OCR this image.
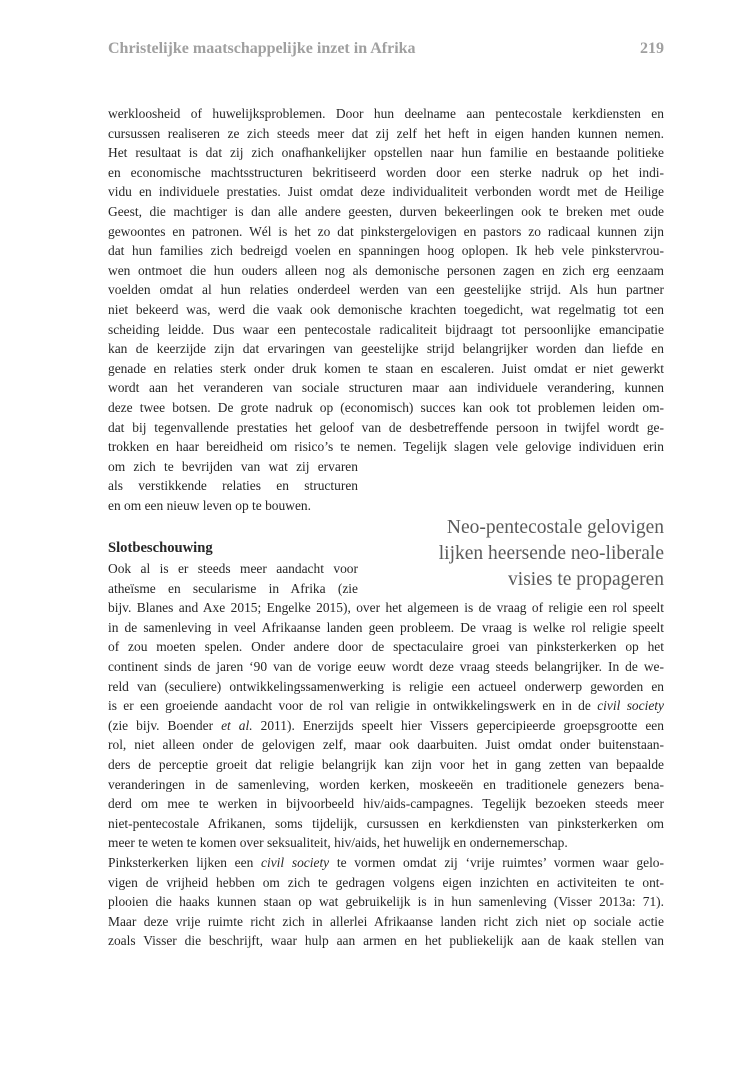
Christelijke maatschappelijke inzet in Afrika	219
werkloosheid of huwelijksproblemen. Door hun deelname aan pentecostale kerkdiensten en
cursussen realiseren ze zich steeds meer dat zij zelf het heft in eigen handen kunnen nemen.
Het resultaat is dat zij zich onafhankelijker opstellen naar hun familie en bestaande politieke
en economische machtsstructuren bekritiseerd worden door een sterke nadruk op het indi-
vidu en individuele prestaties. Juist omdat deze individualiteit verbonden wordt met de Heilige
Geest, die machtiger is dan alle andere geesten, durven bekeerlingen ook te breken met oude
gewoontes en patronen. Wél is het zo dat pinkstergelovigen en pastors zo radicaal kunnen zijn
dat hun families zich bedreigd voelen en spanningen hoog oplopen. Ik heb vele pinkstervrou-
wen ontmoet die hun ouders alleen nog als demonische personen zagen en zich erg eenzaam
voelden omdat al hun relaties onderdeel werden van een geestelijke strijd. Als hun partner
niet bekeerd was, werd die vaak ook demonische krachten toegedicht, wat regelmatig tot een
scheiding leidde. Dus waar een pentecostale radicaliteit bijdraagt tot persoonlijke emancipatie
kan de keerzijde zijn dat ervaringen van geestelijke strijd belangrijker worden dan liefde en
genade en relaties sterk onder druk komen te staan en escaleren. Juist omdat er niet gewerkt
wordt aan het veranderen van sociale structuren maar aan individuele verandering, kunnen
deze twee botsen. De grote nadruk op (economisch) succes kan ook tot problemen leiden om-
dat bij tegenvallende prestaties het geloof van de desbetreffende persoon in twijfel wordt ge-
trokken en haar bereidheid om risico’s te nemen. Tegelijk slagen vele gelovige individuen erin
om zich te bevrijden van wat zij ervaren
als verstikkende relaties en structuren
en om een nieuw leven op te bouwen.
Slotbeschouwing
Ook al is er steeds meer aandacht voor
atheïsme en secularisme in Afrika (zie
bijv. Blanes and Axe 2015; Engelke 2015), over het algemeen is de vraag of religie een rol speelt
in de samenleving in veel Afrikaanse landen geen probleem. De vraag is welke rol religie speelt
of zou moeten spelen. Onder andere door de spectaculaire groei van pinksterkerken op het
continent sinds de jaren ‘90 van de vorige eeuw wordt deze vraag steeds belangrijker. In de we-
reld van (seculiere) ontwikkelingssamenwerking is religie een actueel onderwerp geworden en
is er een groeiende aandacht voor de rol van religie in ontwikkelingswerk en in de civil society
(zie bijv. Boender et al. 2011). Enerzijds speelt hier Vissers gepercipieerde groepsgrootte een
rol, niet alleen onder de gelovigen zelf, maar ook daarbuiten. Juist omdat onder buitenstaan-
ders de perceptie groeit dat religie belangrijk kan zijn voor het in gang zetten van bepaalde
veranderingen in de samenleving, worden kerken, moskeeën en traditionele genezers bena-
derd om mee te werken in bijvoorbeeld hiv/aids-campagnes. Tegelijk bezoeken steeds meer
niet-pentecostale Afrikanen, soms tijdelijk, cursussen en kerkdiensten van pinksterkerken om
meer te weten te komen over seksualiteit, hiv/aids, het huwelijk en ondernemerschap.
Pinksterkerken lijken een civil society te vormen omdat zij ‘vrije ruimtes’ vormen waar gelo-
vigen de vrijheid hebben om zich te gedragen volgens eigen inzichten en activiteiten te ont-
plooien die haaks kunnen staan op wat gebruikelijk is in hun samenleving (Visser 2013a: 71).
Maar deze vrije ruimte richt zich in allerlei Afrikaanse landen richt zich niet op sociale actie
zoals Visser die beschrijft, waar hulp aan armen en het publiekelijk aan de kaak stellen van
Neo-pentecostale gelovigen
lijken heersende neo-liberale
visies te propageren
